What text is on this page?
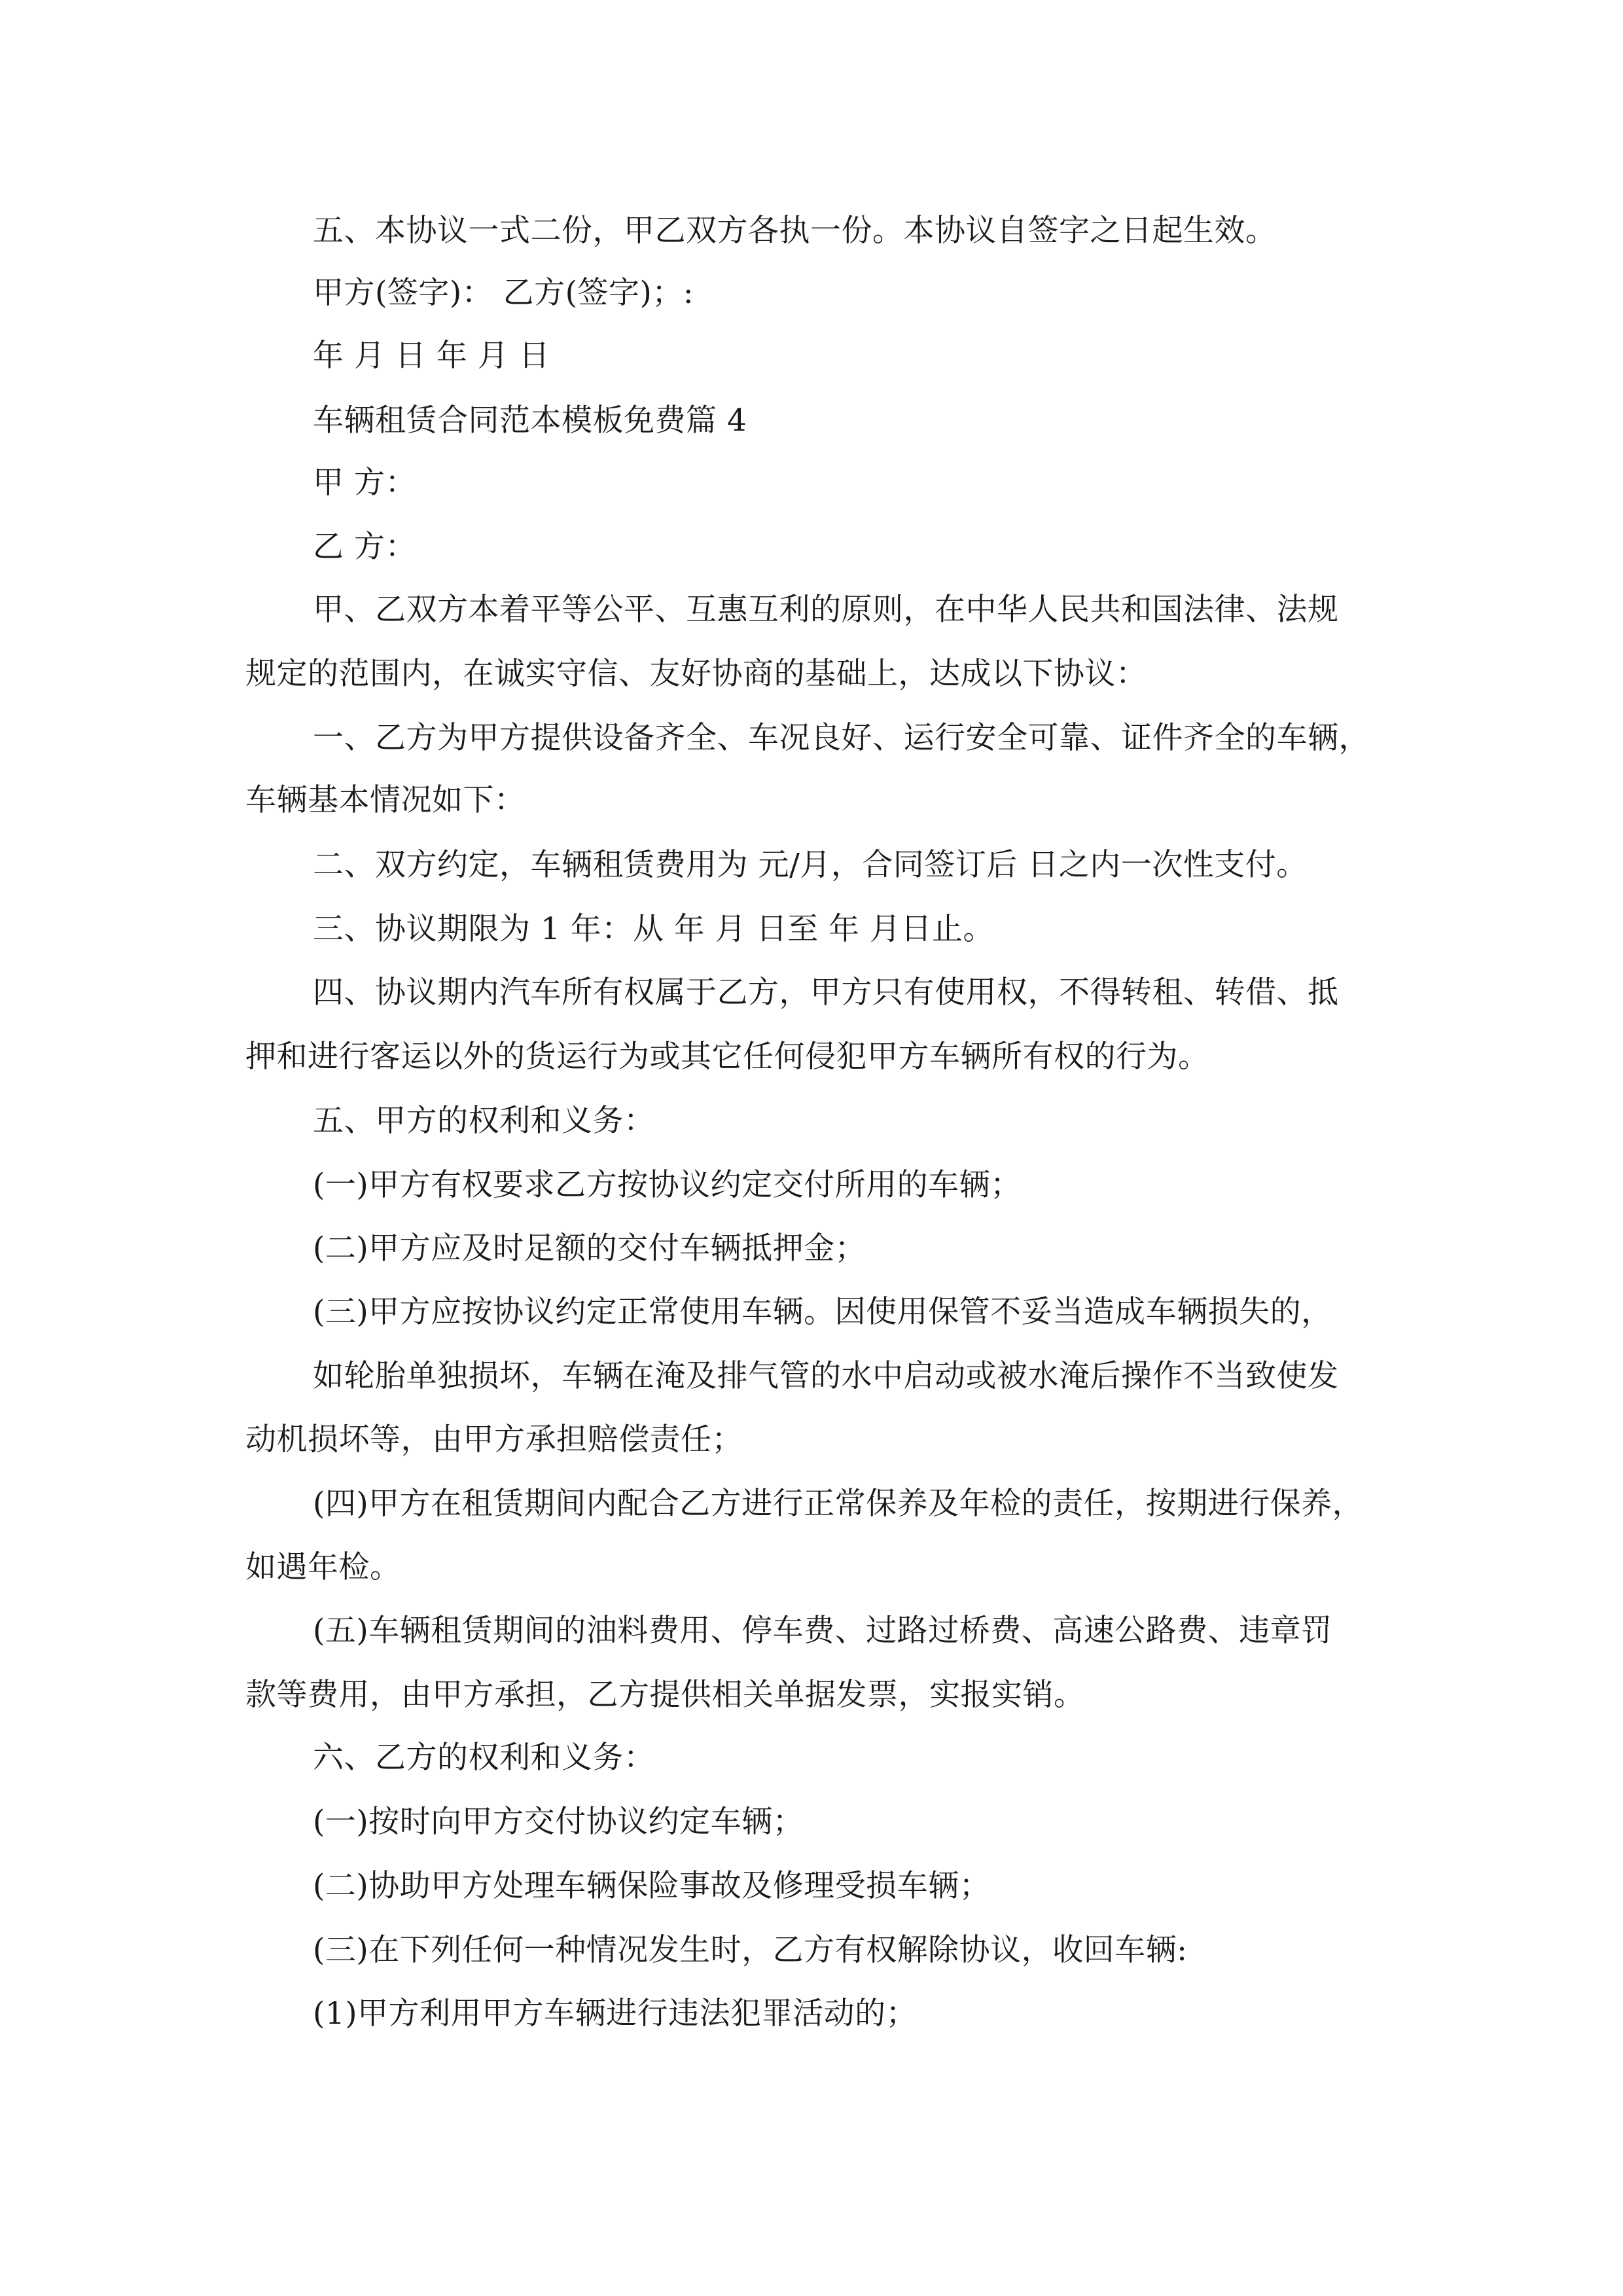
五、本协议一式二份，甲乙双方各执一份。本协议自签字之日起生效。
甲方(签字)： 乙方(签字)；:
年 月 日 年 月 日
车辆租赁合同范本模板免费篇 4
甲 方：
乙 方：
甲、乙双方本着平等公平、互惠互利的原则，在中华人民共和国法律、法规
规定的范围内，在诚实守信、友好协商的基础上，达成以下协议：
一、乙方为甲方提供设备齐全、车况良好、运行安全可靠、证件齐全的车辆，
车辆基本情况如下：
二、双方约定，车辆租赁费用为 元/月，合同签订后 日之内一次性支付。
三、协议期限为 1 年：从 年 月 日至 年 月日止。
四、协议期内汽车所有权属于乙方，甲方只有使用权，不得转租、转借、抵
押和进行客运以外的货运行为或其它任何侵犯甲方车辆所有权的行为。
五、甲方的权利和义务：
(一)甲方有权要求乙方按协议约定交付所用的车辆；
(二)甲方应及时足额的交付车辆抵押金；
(三)甲方应按协议约定正常使用车辆。因使用保管不妥当造成车辆损失的，
如轮胎单独损坏，车辆在淹及排气管的水中启动或被水淹后操作不当致使发
动机损坏等，由甲方承担赔偿责任；
(四)甲方在租赁期间内配合乙方进行正常保养及年检的责任，按期进行保养，
如遇年检。
(五)车辆租赁期间的油料费用、停车费、过路过桥费、高速公路费、违章罚
款等费用，由甲方承担，乙方提供相关单据发票，实报实销。
六、乙方的权利和义务：
(一)按时向甲方交付协议约定车辆；
(二)协助甲方处理车辆保险事故及修理受损车辆；
(三)在下列任何一种情况发生时，乙方有权解除协议，收回车辆:
(1)甲方利用甲方车辆进行违法犯罪活动的；
